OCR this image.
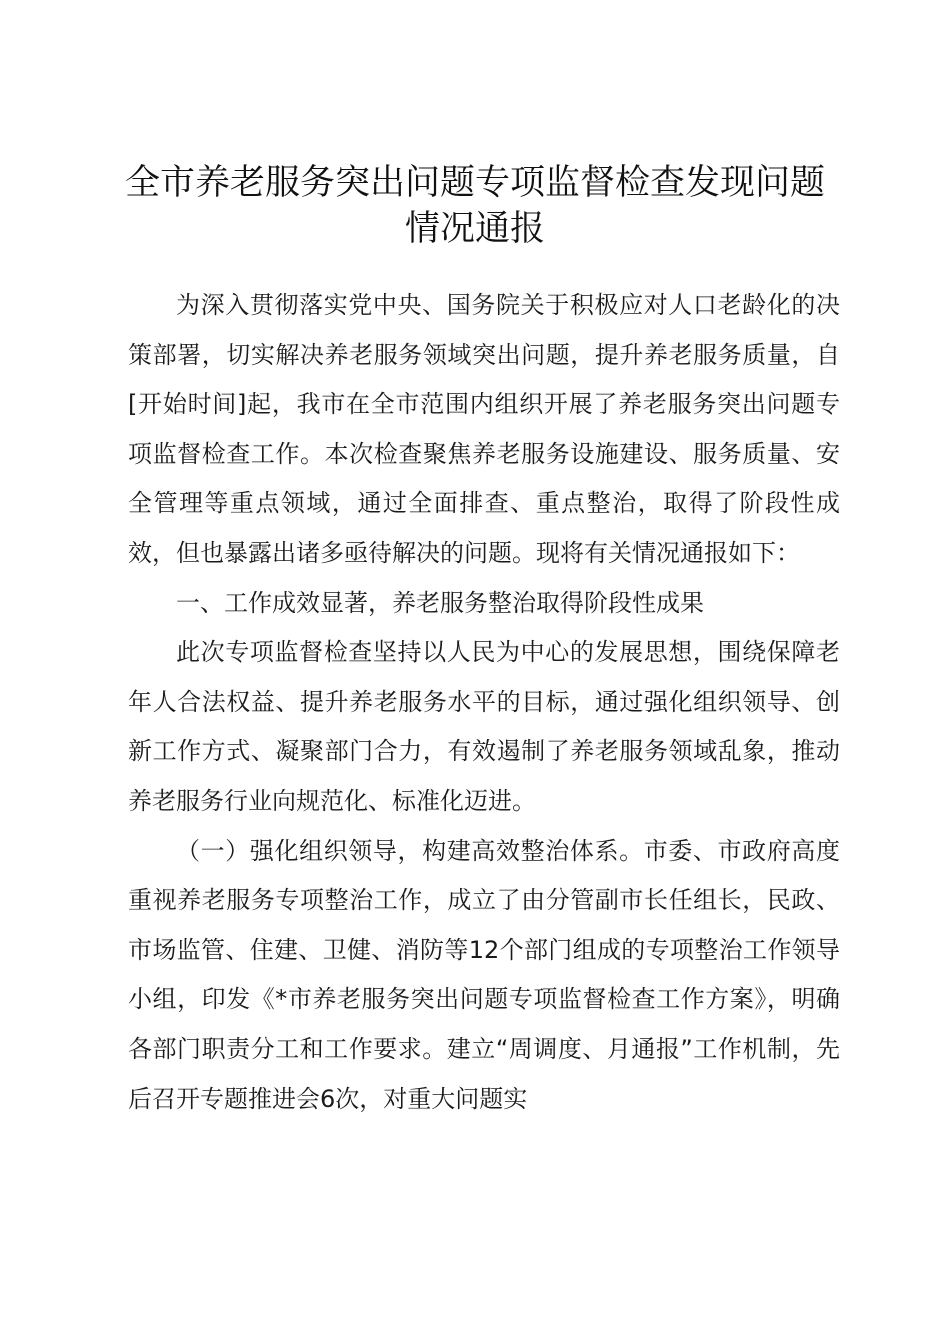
全市养老服务突出问题专项监督检查发现问题
情况通报

为深入贯彻落实党中央、国务院关于积极应对人口老龄化的决策部署，切实解决养老服务领域突出问题，提升养老服务质量，自[开始时间]起，我市在全市范围内组织开展了养老服务突出问题专项监督检查工作。本次检查聚焦养老服务设施建设、服务质量、安全管理等重点领域，通过全面排查、重点整治，取得了阶段性成效，但也暴露出诸多亟待解决的问题。现将有关情况通报如下：

一、工作成效显著，养老服务整治取得阶段性成果

此次专项监督检查坚持以人民为中心的发展思想，围绕保障老年人合法权益、提升养老服务水平的目标，通过强化组织领导、创新工作方式、凝聚部门合力，有效遏制了养老服务领域乱象，推动养老服务行业向规范化、标准化迈进。

（一）强化组织领导，构建高效整治体系。市委、市政府高度重视养老服务专项整治工作，成立了由分管副市长任组长，民政、市场监管、住建、卫健、消防等12个部门组成的专项整治工作领导小组，印发《*市养老服务突出问题专项监督检查工作方案》，明确各部门职责分工和工作要求。建立“周调度、月通报”工作机制，先后召开专题推进会6次，对重大问题实
